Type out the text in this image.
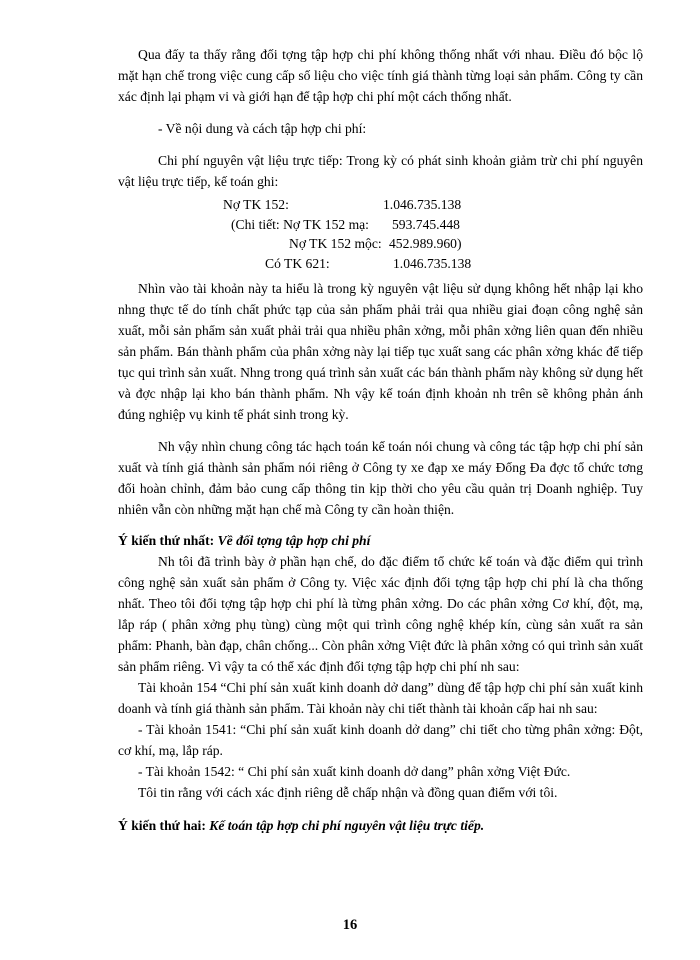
Qua đấy ta thấy rằng đối tợng tập hợp chi phí không thống nhất với nhau. Điều đó bộc lộ mặt hạn chế trong việc cung cấp số liệu cho việc tính giá thành từng loại sản phẩm. Công ty cần xác định lại phạm vi và giới hạn để tập hợp chi phí một cách thống nhất.

- Về nội dung và cách tập hợp chi phí:

Chi phí nguyên vật liệu trực tiếp: Trong kỳ có phát sinh khoản giảm trừ chi phí nguyên vật liệu trực tiếp, kế toán ghi:

Nợ TK 152:	1.046.735.138
(Chi tiết: Nợ TK 152 mạ: 593.745.448
Nợ TK 152 mộc: 452.989.960)
Có TK 621:	1.046.735.138

Nhìn vào tài khoản này ta hiểu là trong kỳ nguyên vật liệu sử dụng không hết nhập lại kho nhng thực tế do tính chất phức tạp của sản phẩm phải trải qua nhiều giai đoạn công nghệ sản xuất, mỗi sản phẩm sản xuất phải trải qua nhiều phân xởng, mỗi phân xởng liên quan đến nhiều sản phẩm. Bán thành phẩm của phân xởng này lại tiếp tục xuất sang các phân xởng khác để tiếp tục qui trình sản xuất. Nhng trong quá trình sản xuất các bán thành phẩm này không sử dụng hết và đợc nhập lại kho bán thành phẩm. Nh vậy kế toán định khoản nh trên sẽ không phản ánh đúng nghiệp vụ kinh tế phát sinh trong kỳ.

Nh vậy nhìn chung công tác hạch toán kế toán nói chung và công tác tập hợp chi phí sản xuất và tính giá thành sản phẩm nói riêng ở Công ty xe đạp xe máy Đống Đa đợc tổ chức tơng đối hoàn chỉnh, đảm bảo cung cấp thông tin kịp thời cho yêu cầu quản trị Doanh nghiệp. Tuy nhiên vẫn còn những mặt hạn chế mà Công ty cần hoàn thiện.

Ý kiến thứ nhất: Về đối tợng tập hợp chi phí

Nh tôi đã trình bày ở phần hạn chế, do đặc điểm tổ chức kế toán và đặc điểm qui trình công nghệ sản xuất sản phẩm ở Công ty. Việc xác định đối tợng tập hợp chi phí là cha thống nhất. Theo tôi đối tợng tập hợp chi phí là từng phân xởng. Do các phân xởng Cơ khí, đột, mạ, lắp ráp ( phân xởng phụ tùng) cùng một qui trình công nghệ khép kín, cùng sản xuất ra sản phẩm: Phanh, bàn đạp, chân chống... Còn phân xởng Việt đức là phân xởng có qui trình sản xuất sản phẩm riêng. Vì vậy ta có thể xác định đối tợng tập hợp chi phí nh sau:

Tài khoản 154 “Chi phí sản xuất kinh doanh dở dang” dùng để tập hợp chi phí sản xuất kinh doanh và tính giá thành sản phẩm. Tài khoản này chi tiết thành tài khoản cấp hai nh sau:

- Tài khoản 1541: “Chi phí sản xuất kinh doanh dở dang” chi tiết cho từng phân xởng: Đột, cơ khí, mạ, lắp ráp.

- Tài khoản 1542: “ Chi phí sản xuất kinh doanh dở dang” phân xởng Việt Đức.

Tôi tin rằng với cách xác định riêng dễ chấp nhận và đồng quan điểm với tôi.

Ý kiến thứ hai: Kế toán tập hợp chi phí nguyên vật liệu trực tiếp.
16
